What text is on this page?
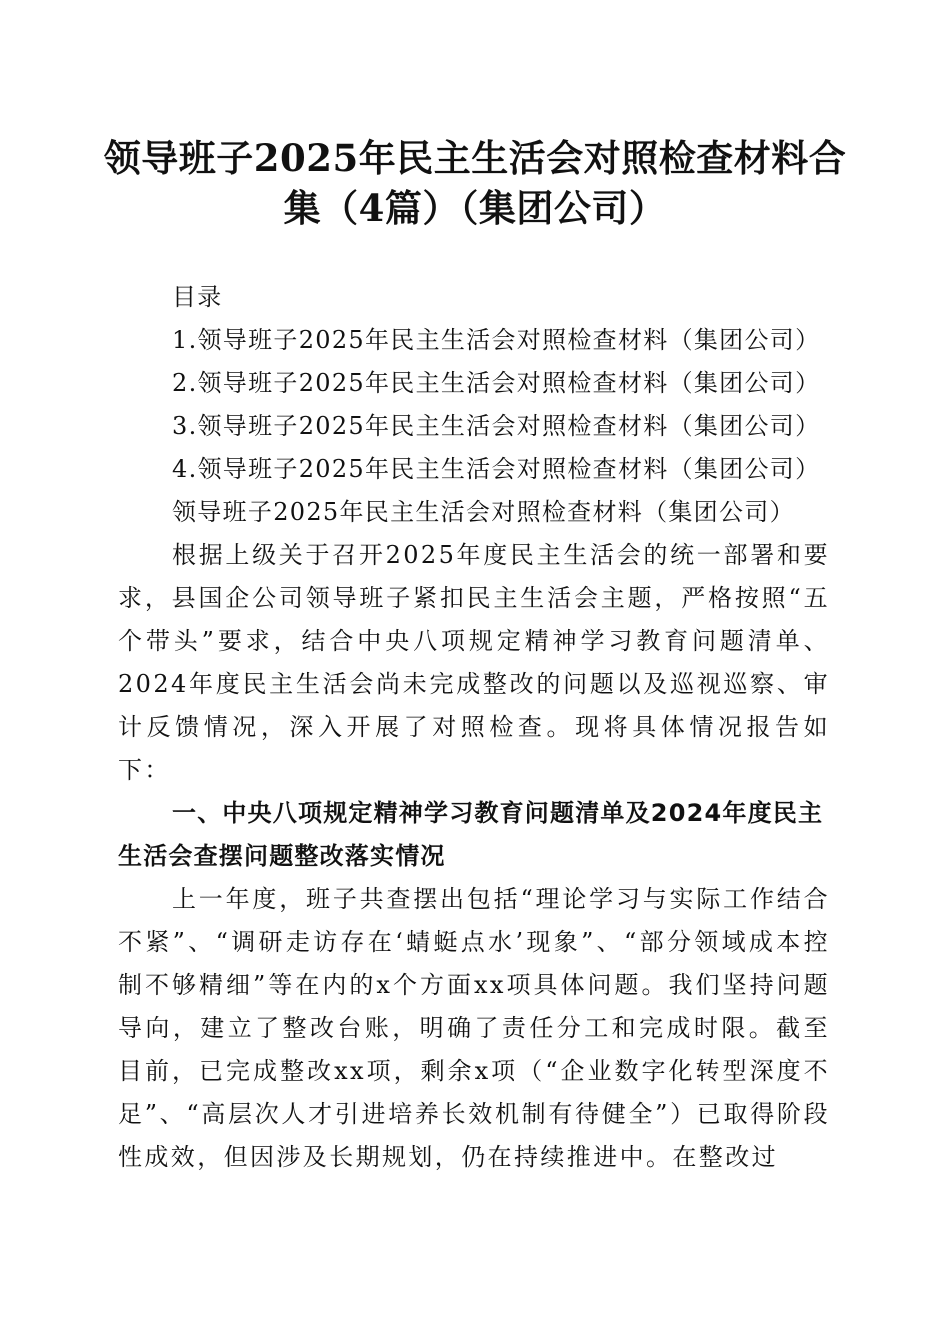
领导班子2025年民主生活会对照检查材料合集（4篇）（集团公司）
目录
1.领导班子2025年民主生活会对照检查材料（集团公司）
2.领导班子2025年民主生活会对照检查材料（集团公司）
3.领导班子2025年民主生活会对照检查材料（集团公司）
4.领导班子2025年民主生活会对照检查材料（集团公司）
领导班子2025年民主生活会对照检查材料（集团公司）

根据上级关于召开2025年度民主生活会的统一部署和要求，县国企公司领导班子紧扣民主生活会主题，严格按照“五个带头”要求，结合中央八项规定精神学习教育问题清单、2024年度民主生活会尚未完成整改的问题以及巡视巡察、审计反馈情况，深入开展了对照检查。现将具体情况报告如下：

一、中央八项规定精神学习教育问题清单及2024年度民主生活会查摆问题整改落实情况

上一年度，班子共查摆出包括“理论学习与实际工作结合不紧”、“调研走访存在‘蜻蜓点水’现象”、“部分领域成本控制不够精细”等在内的x个方面xx项具体问题。我们坚持问题导向，建立了整改台账，明确了责任分工和完成时限。截至目前，已完成整改xx项，剩余x项（“企业数字化转型深度不足”、“高层次人才引进培养长效机制有待健全”）已取得阶段性成效，但因涉及长期规划，仍在持续推进中。在整改过
